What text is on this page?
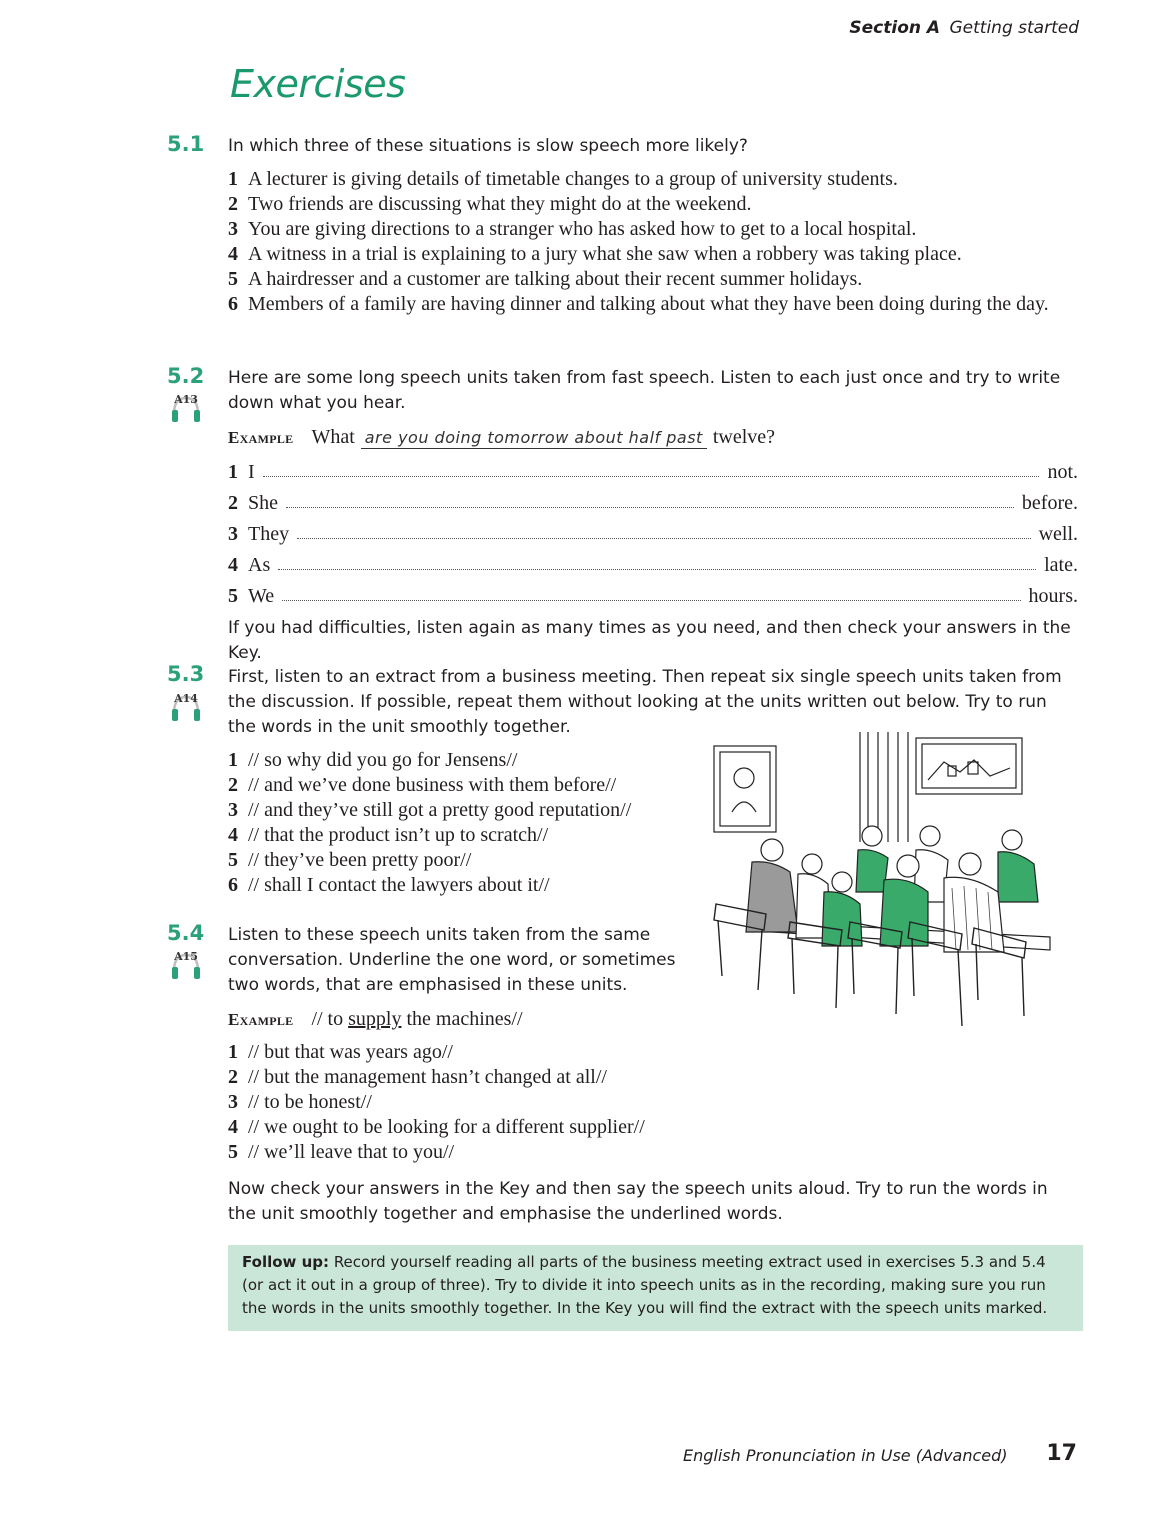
Section A Getting started
Exercises
5.1 In which three of these situations is slow speech more likely?
1 A lecturer is giving details of timetable changes to a group of university students.
2 Two friends are discussing what they might do at the weekend.
3 You are giving directions to a stranger who has asked how to get to a local hospital.
4 A witness in a trial is explaining to a jury what she saw when a robbery was taking place.
5 A hairdresser and a customer are talking about their recent summer holidays.
6 Members of a family are having dinner and talking about what they have been doing during the day.
5.2
A13
Here are some long speech units taken from fast speech. Listen to each just once and try to write down what you hear.
Example What are you doing tomorrow about half past twelve?
1 I	not.
2 She	before.
3 They	well.
4 As	late.
5 We	hours.
If you had difficulties, listen again as many times as you need, and then check your answers in the Key.
5.3
A14
First, listen to an extract from a business meeting. Then repeat six single speech units taken from the discussion. If possible, repeat them without looking at the units written out below. Try to run the words in the unit smoothly together.
1 // so why did you go for Jensens//
2 // and we’ve done business with them before//
3 // and they’ve still got a pretty good reputation//
4 // that the product isn’t up to scratch//
5 // they’ve been pretty poor//
6 // shall I contact the lawyers about it//
5.4
A15
Listen to these speech units taken from the same
conversation. Underline the one word, or sometimes
two words, that are emphasised in these units.
Example // to supply the machines//
1 // but that was years ago//
2 // but the management hasn’t changed at all//
3 // to be honest//
4 // we ought to be looking for a different supplier//
5 // we’ll leave that to you//
Now check your answers in the Key and then say the speech units aloud. Try to run the words in the unit smoothly together and emphasise the underlined words.
Follow up: Record yourself reading all parts of the business meeting extract used in exercises 5.3 and 5.4 (or act it out in a group of three). Try to divide it into speech units as in the recording, making sure you run the words in the units smoothly together. In the Key you will find the extract with the speech units marked.
English Pronunciation in Use (Advanced) 17
